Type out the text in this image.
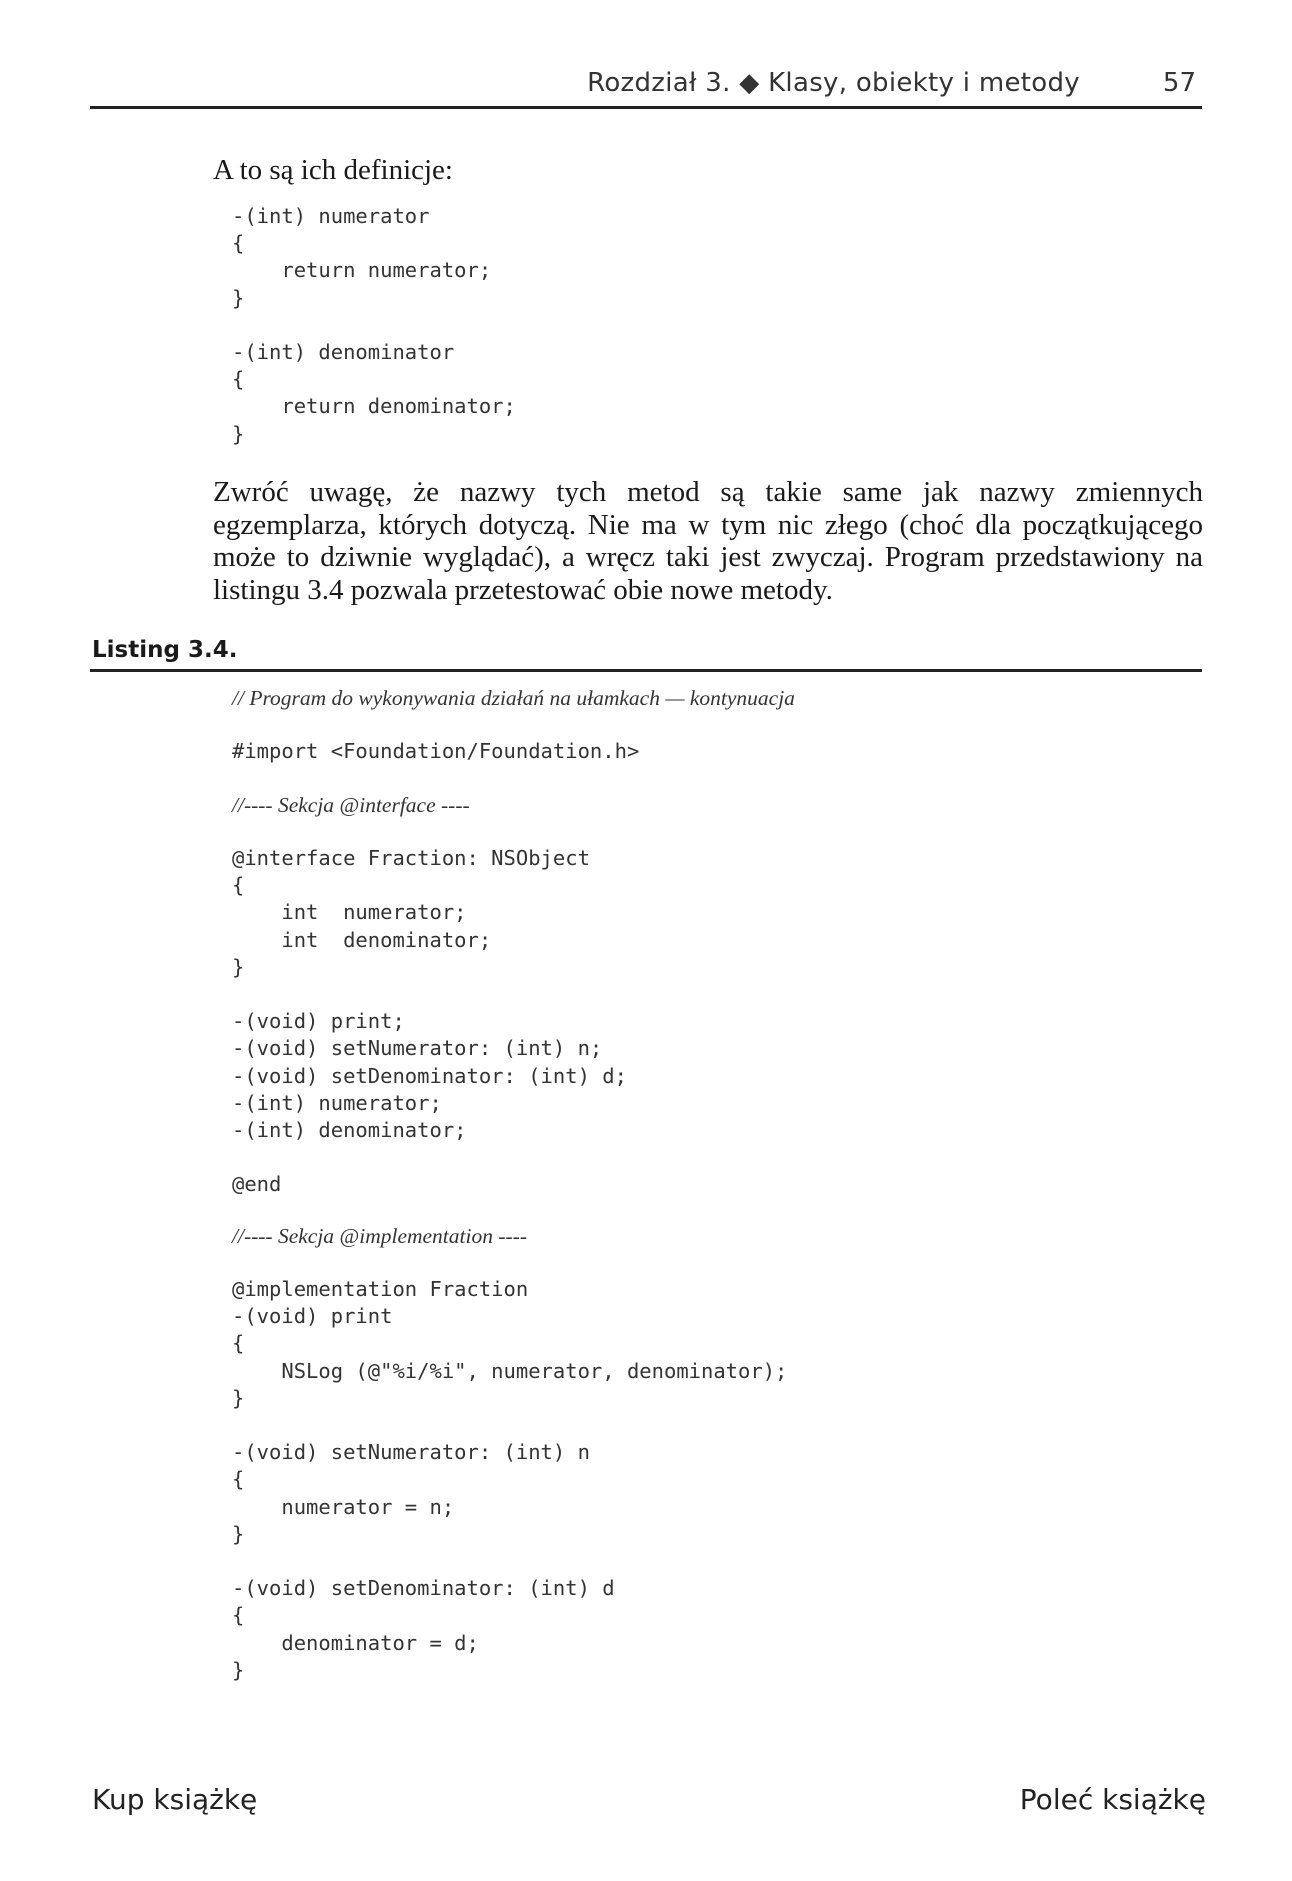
Rozdział 3. ◆ Klasy, obiekty i metody	57
A to są ich definicje:
-(int) numerator
{
return numerator;
}
-(int) denominator
{
return denominator;
}
Zwróć uwagę, że nazwy tych metod są takie same jak nazwy zmiennych egzemplarza, których dotyczą. Nie ma w tym nic złego (choć dla początkującego może to dziwnie wyglądać), a wręcz taki jest zwyczaj. Program przedstawiony na listingu 3.4 pozwala przetestować obie nowe metody.
Listing 3.4.
// Program do wykonywania działań na ułamkach — kontynuacja
#import <Foundation/Foundation.h>
//---- Sekcja @interface ----
@interface Fraction: NSObject
{
int  numerator;
int  denominator;
}

-(void) print;
-(void) setNumerator: (int) n;
-(void) setDenominator: (int) d;
-(int) numerator;
-(int) denominator;

@end
//---- Sekcja @implementation ----
@implementation Fraction
-(void) print
{
NSLog (@"%i/%i", numerator, denominator);
}

-(void) setNumerator: (int) n
{
numerator = n;
}

-(void) setDenominator: (int) d
{
denominator = d;
}
Kup książkę	Poleć książkę
